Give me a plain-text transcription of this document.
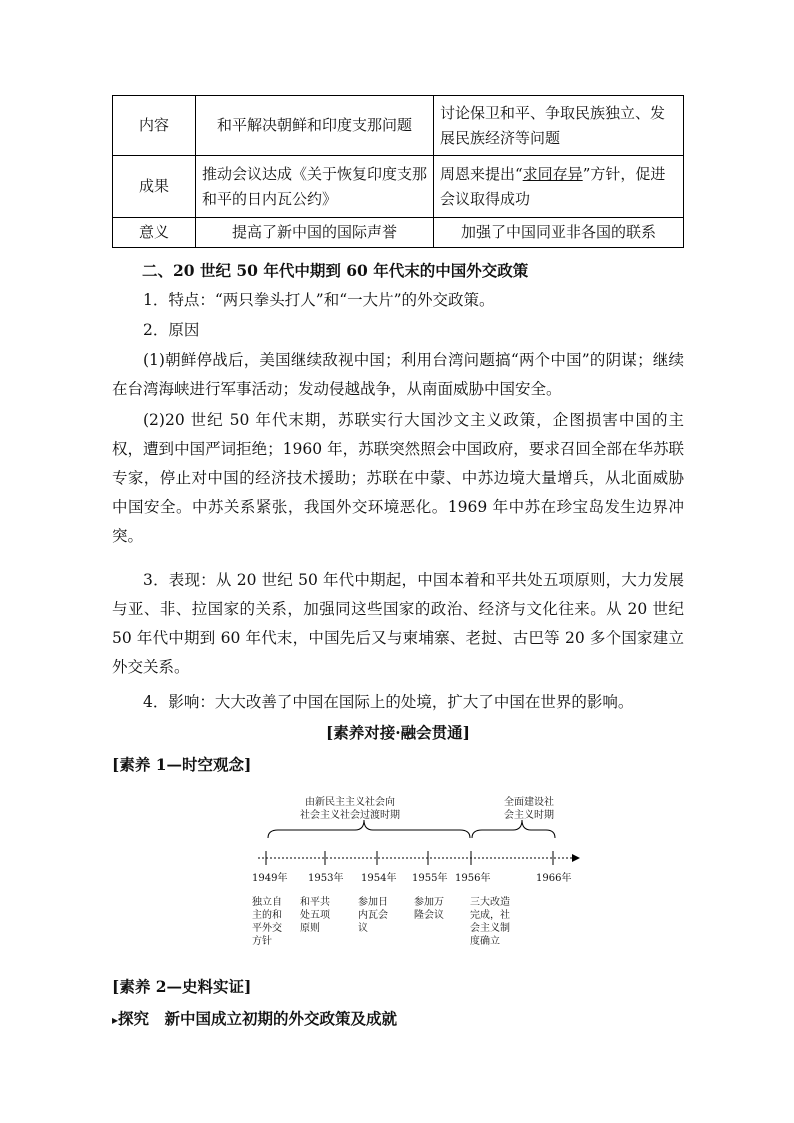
内容	和平解决朝鲜和印度支那问题	讨论保卫和平、争取民族独立、发展民族经济等问题
成果	推动会议达成《关于恢复印度支那和平的日内瓦公约》	周恩来提出“求同存异”方针，促进会议取得成功
意义	提高了新中国的国际声誉	加强了中国同亚非各国的联系
二、20 世纪 50 年代中期到 60 年代末的中国外交政策
1．特点：“两只拳头打人”和“一大片”的外交政策。
2．原因
(1)朝鲜停战后，美国继续敌视中国；利用台湾问题搞“两个中国”的阴谋；继续在台湾海峡进行军事活动；发动侵越战争，从南面威胁中国安全。
(2)20 世纪 50 年代末期，苏联实行大国沙文主义政策，企图损害中国的主权，遭到中国严词拒绝；1960 年，苏联突然照会中国政府，要求召回全部在华苏联专家，停止对中国的经济技术援助；苏联在中蒙、中苏边境大量增兵，从北面威胁中国安全。中苏关系紧张，我国外交环境恶化。1969 年中苏在珍宝岛发生边界冲突。
3．表现：从 20 世纪 50 年代中期起，中国本着和平共处五项原则，大力发展与亚、非、拉国家的关系，加强同这些国家的政治、经济与文化往来。从 20 世纪 50 年代中期到 60 年代末，中国先后又与柬埔寨、老挝、古巴等 20 多个国家建立外交关系。
4．影响：大大改善了中国在国际上的处境，扩大了中国在世界的影响。
[素养对接·融会贯通]
[素养 1—时空观念]
由新民主主义社会向
社会主义社会过渡时期
全面建设社
会主义时期
1949年 1953年 1954年 1955年 1956年	1966年
独立自
主的和
平外交
方针
和平共
处五项
原则
参加日
内瓦会
议
参加万
隆会议
三大改造
完成，社
会主义制
度确立
[素养 2—史料实证]
▸探究　新中国成立初期的外交政策及成就
